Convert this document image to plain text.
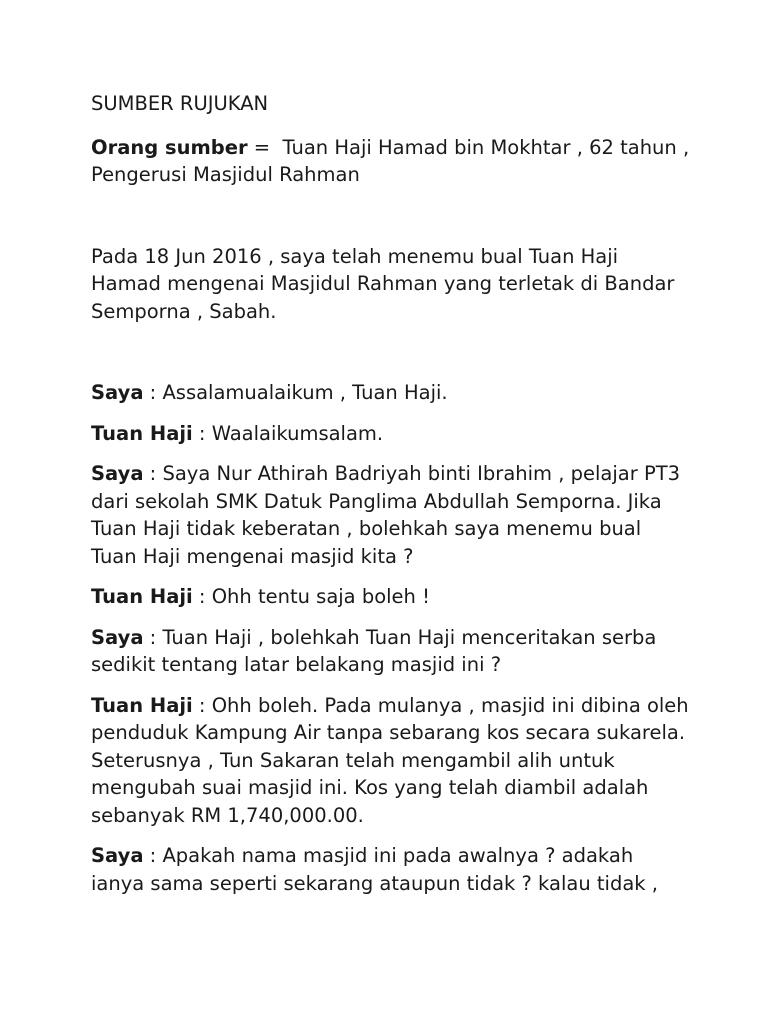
SUMBER RUJUKAN

Orang sumber =  Tuan Haji Hamad bin Mokhtar , 62 tahun , Pengerusi Masjidul Rahman

Pada 18 Jun 2016 , saya telah menemu bual Tuan Haji Hamad mengenai Masjidul Rahman yang terletak di Bandar Semporna , Sabah.

Saya : Assalamualaikum , Tuan Haji.

Tuan Haji : Waalaikumsalam.

Saya : Saya Nur Athirah Badriyah binti Ibrahim , pelajar PT3 dari sekolah SMK Datuk Panglima Abdullah Semporna. Jika Tuan Haji tidak keberatan , bolehkah saya menemu bual Tuan Haji mengenai masjid kita ?

Tuan Haji : Ohh tentu saja boleh !

Saya : Tuan Haji , bolehkah Tuan Haji menceritakan serba sedikit tentang latar belakang masjid ini ?

Tuan Haji : Ohh boleh. Pada mulanya , masjid ini dibina oleh penduduk Kampung Air tanpa sebarang kos secara sukarela. Seterusnya , Tun Sakaran telah mengambil alih untuk mengubah suai masjid ini. Kos yang telah diambil adalah sebanyak RM 1,740,000.00.

Saya : Apakah nama masjid ini pada awalnya ? adakah ianya sama seperti sekarang ataupun tidak ? kalau tidak ,
